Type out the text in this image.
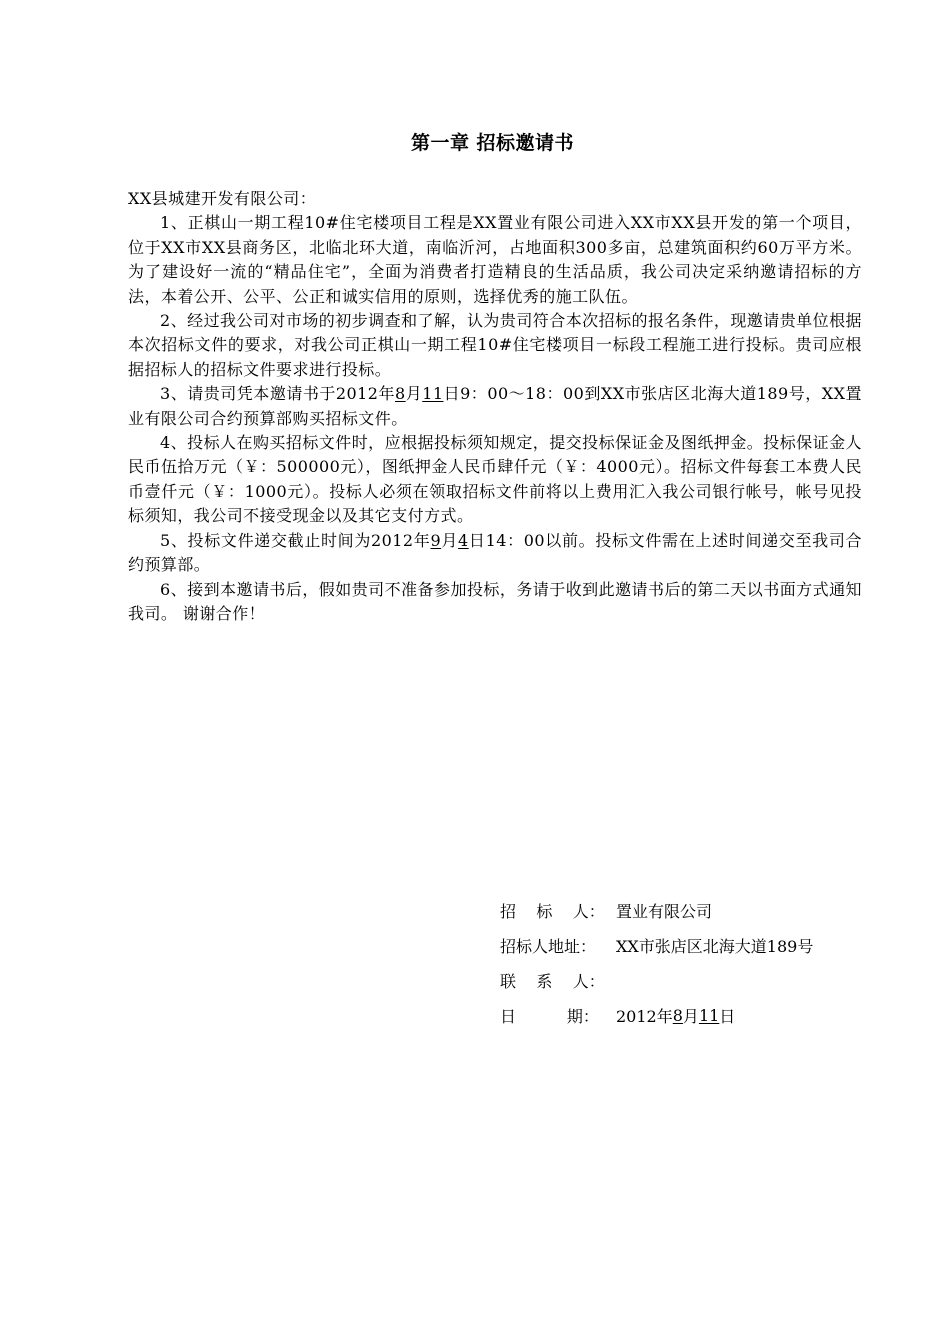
第一章 招标邀请书

XX县城建开发有限公司：

1、正棋山一期工程10#住宅楼项目工程是XX置业有限公司进入XX市XX县开发的第一个项目，位于XX市XX县商务区，北临北环大道，南临沂河，占地面积300多亩，总建筑面积约60万平方米。为了建设好一流的“精品住宅”，全面为消费者打造精良的生活品质，我公司决定采纳邀请招标的方法，本着公开、公平、公正和诚实信用的原则，选择优秀的施工队伍。

2、经过我公司对市场的初步调查和了解，认为贵司符合本次招标的报名条件，现邀请贵单位根据本次招标文件的要求，对我公司正棋山一期工程10#住宅楼项目一标段工程施工进行投标。贵司应根据招标人的招标文件要求进行投标。

3、请贵司凭本邀请书于2012年8月11日9：00～18：00到XX市张店区北海大道189号，XX置业有限公司合约预算部购买招标文件。

4、投标人在购买招标文件时，应根据投标须知规定，提交投标保证金及图纸押金。投标保证金人民币伍拾万元（￥：500000元），图纸押金人民币肆仟元（￥：4000元）。招标文件每套工本费人民币壹仟元（￥：1000元）。投标人必须在领取招标文件前将以上费用汇入我公司银行帐号，帐号见投标须知，我公司不接受现金以及其它支付方式。

5、投标文件递交截止时间为2012年9月4日14：00以前。投标文件需在上述时间递交至我司合约预算部。

6、接到本邀请书后，假如贵司不准备参加投标，务请于收到此邀请书后的第二天以书面方式通知我司。 谢谢合作！

招    标    人： 置业有限公司
招标人地址：	XX市张店区北海大道189号
联    系    人：
日          期：	2012年 8 月 11 日
